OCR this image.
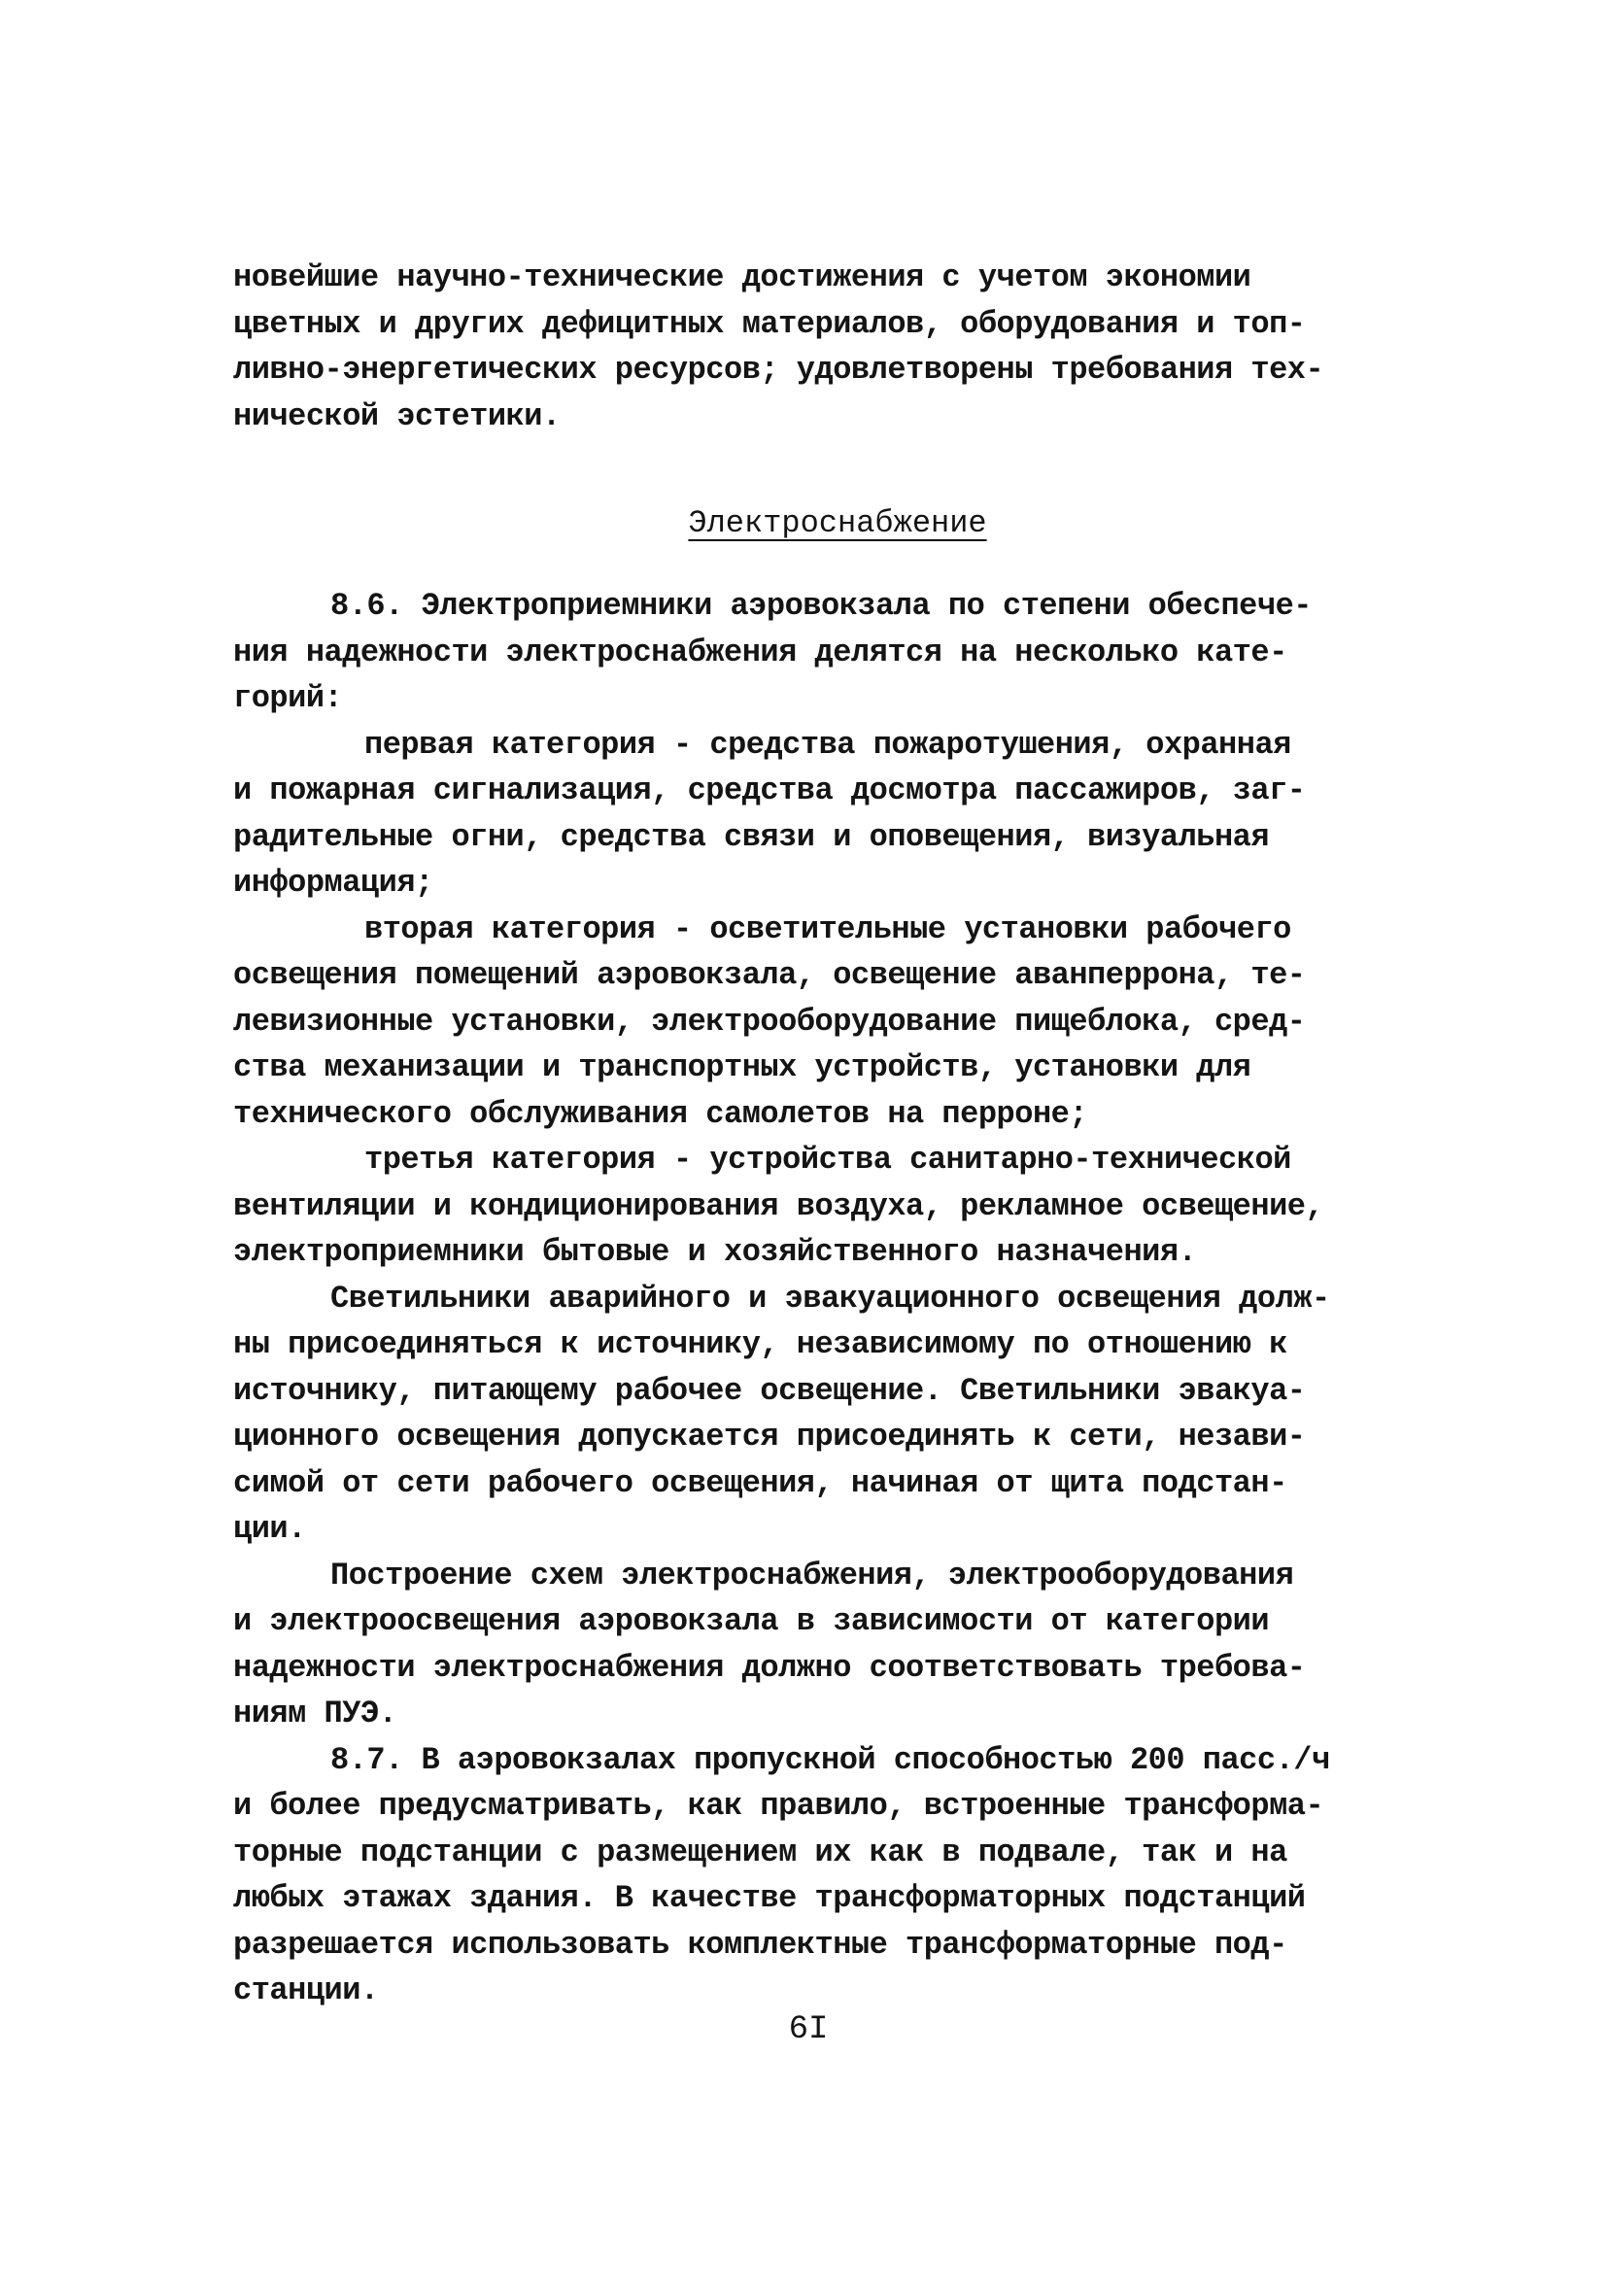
новейшие научно-технические достижения с учетом экономии
цветных и других дефицитных материалов, оборудования и топ-
ливно-энергетических ресурсов; удовлетворены требования тех-
нической эстетики.
Электроснабжение
8.6. Электроприемники аэровокзала по степени обеспече-
ния надежности электроснабжения делятся на несколько кате-
горий:
первая категория - средства пожаротушения, охранная
и пожарная сигнализация, средства досмотра пассажиров, заг-
радительные огни, средства связи и оповещения, визуальная
информация;
вторая категория - осветительные установки рабочего
освещения помещений аэровокзала, освещение аванперрона, те-
левизионные установки, электрооборудование пищеблока, сред-
ства механизации и транспортных устройств, установки для
технического обслуживания самолетов на перроне;
третья категория - устройства санитарно-технической
вентиляции и кондиционирования воздуха, рекламное освещение,
электроприемники бытовые и хозяйственного назначения.
Светильники аварийного и эвакуационного освещения долж-
ны присоединяться к источнику, независимому по отношению к
источнику, питающему рабочее освещение. Светильники эвакуа-
ционного освещения допускается присоединять к сети, незави-
симой от сети рабочего освещения, начиная от щита подстан-
ции.
Построение схем электроснабжения, электрооборудования
и электроосвещения аэровокзала в зависимости от категории
надежности электроснабжения должно соответствовать требова-
ниям ПУЭ.
8.7. В аэровокзалах пропускной способностью 200 пасс./ч
и более предусматривать, как правило, встроенные трансформа-
торные подстанции с размещением их как в подвале, так и на
любых этажах здания. В качестве трансформаторных подстанций
разрешается использовать комплектные трансформаторные под-
станции.
6I
